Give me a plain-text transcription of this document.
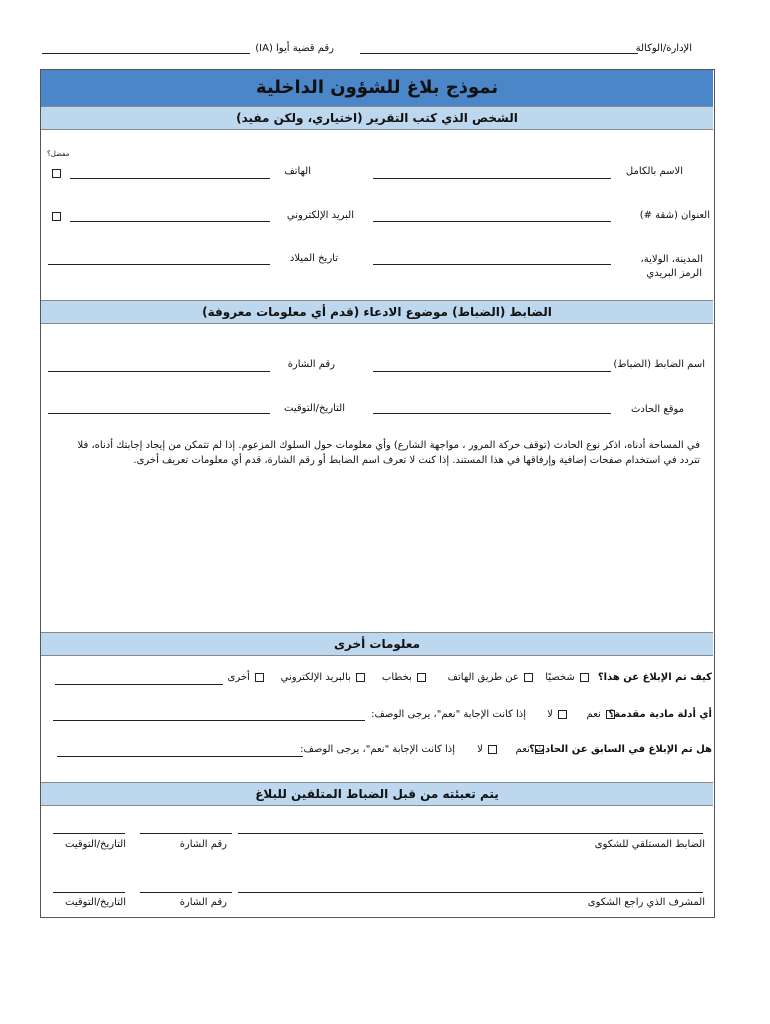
الإدارة/الوكالة
رقم قضية أيوا (IA)
نموذج بلاغ للشؤون الداخلية
الشخص الذي كتب التقرير (اختياري، ولكن مفيد)
مفضل؟
الاسم بالكامل
الهاتف
العنوان (شقة #)
البريد الإلكتروني
المدينة، الولاية،
الرمز البريدي
تاريخ الميلاد
الضابط (الضباط) موضوع الادعاء (قدم أي معلومات معروفة)
اسم الضابط (الضباط)
رقم الشارة
موقع الحادث
التاريخ/التوقيت
في المساحة أدناه، اذكر نوع الحادث (توقف حركة المرور ، مواجهة الشارع) وأي معلومات حول السلوك المزعوم. إذا لم تتمكن من إيجاد إجابتك أدناه، فلا تتردد في استخدام صفحات إضافية وإرفاقها في هذا المستند. إذا كنت لا تعرف اسم الضابط أو رقم الشارة، قدم أي معلومات تعريف أخرى.
معلومات أخرى
كيف تم الإبلاغ عن هذا؟
شخصيًا
عن طريق الهاتف
بخطاب
بالبريد الإلكتروني
أخرى
أي أدلة مادية مقدمة؟
نعم
لا
إذا كانت الإجابة "نعم"، يرجى الوصف:
هل تم الإبلاغ في السابق عن الحادث؟
نعم
لا
إذا كانت الإجابة "نعم"، يرجى الوصف:
يتم تعبئته من قبل الضباط المتلقين للبلاغ
الضابط المستلقي للشكوى
رقم الشارة
التاريخ/التوقيت
المشرف الذي راجع الشكوى
رقم الشارة
التاريخ/التوقيت
